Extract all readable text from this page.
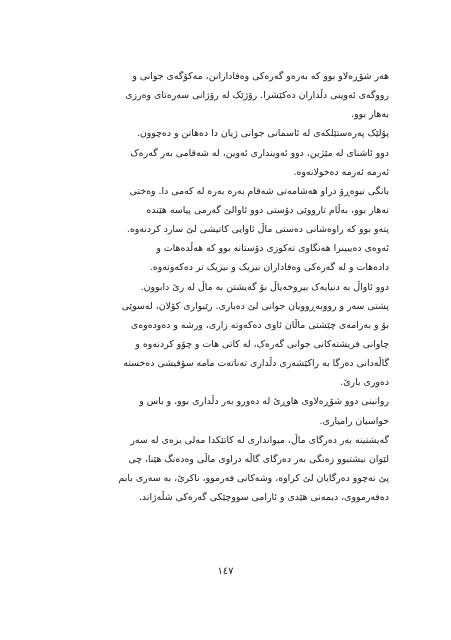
هەر شۆڕەلاو بوو کە بەرەو گەرەکی وەفادارانن، مەکۆگەی جوانی و
رووگەی ئەوینی دڵداران دەکێشرا. رۆژێک لە رۆژانی سەرەتای وەرزی
بەهار بوو.
پۆلێک پەرەستێلکەی لە ئاسمانی جوانی ژیان دا دەهاتن و دەچوون.
دوو ئاشنای لە مێژین، دوو ئەویندارى ئەوین، لە شەقامی بەر گەرەک
ئەرمە ئەرمە دەخولانەوە.
بانگی نیوەڕۆ دراو هەشامەتی شەقام بەرە بەرە لە کەمی دا. وەختی
نەهار بوو، بەڵام تارووێی دۆستی دوو ئاوالێ گەرمی پیاسە هێندە
پتەو بوو کە راوەشانی دەستی ماڵ ئاوایی کاتیشی لێ سارد کردنەوە.
ئەوەی دەیبینرا هەنگاوی تەکوزی دۆستانە بوو کە هەڵدەهات و
دادەهات و لە گەرەکی وەفاداران نیزیک و نیزیک تر دەکەوتەوە.
دوو ئاواڵ بە دنیایەک بیروخەیاڵ بۆ گەیشتن بە ماڵ لە رێ دابوون.
پشتی سەر و رووبەڕوویان جوانی لێ دەباری. رێبواری کۆلان، لەسوێی
بۆ و بەرامەی چێشتی ماڵان ئاوی دەکەوتە زاری، ورشە و دەودەوەی
چاوانی فریشتەکانی جوانی گەرەک، لە کاتی هات و چۆو کردنەوە و
گاڵەدانی دەرگا بە راکێشەری دڵداری تەناتەت مامە سۆفیشی دەخستە
دەوری بارێ.
روانینی دوو شۆڕەلاوی هاوڕێ لە دەورو بەر دڵداری بوو، و باس و
خواسیان رامیاری.
گەیشتینە بەر دەرگای ماڵ، میوانداری لە کاتێکدا مەلی بزەی لە سەر
لێوان نیشتبوو زەنگی بەر دەرگای گاڵە دراوی ماڵی وەدەنگ هێنا، چی
پێ نەچوو دەرگایان لێ کراوە، وشەکانی فەرموو، ناکرێ، بە سەری بابم
دەفەرمووی، دیمەنی هێدی و ئارامی سووچێکی گەرەکی شڵەژاند.
١٤٧
